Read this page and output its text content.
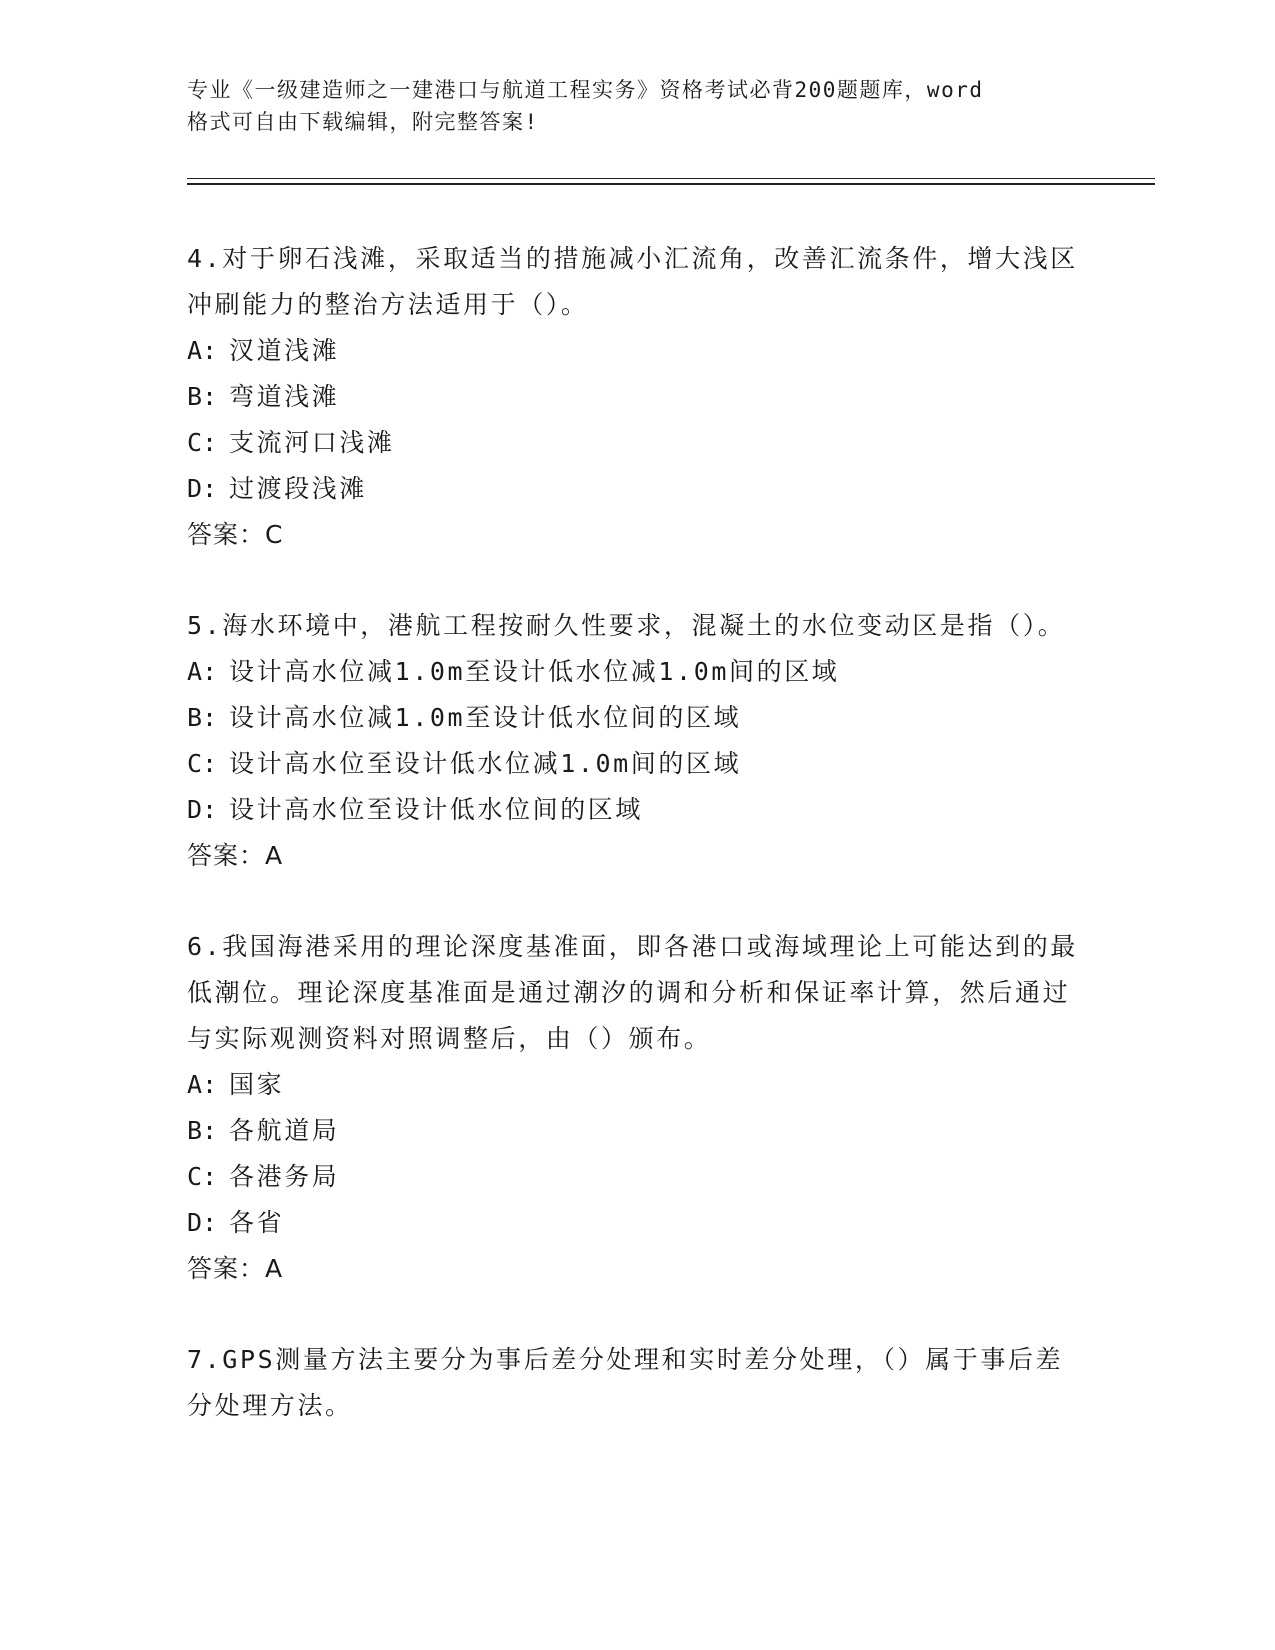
专业《一级建造师之一建港口与航道工程实务》资格考试必背200题题库，word

格式可自由下载编辑，附完整答案!

4.对于卵石浅滩，采取适当的措施减小汇流角，改善汇流条件，增大浅区冲刷能力的整治方法适用于（）。

A: 汊道浅滩

B: 弯道浅滩

C: 支流河口浅滩

D: 过渡段浅滩

答案：C

5.海水环境中，港航工程按耐久性要求，混凝土的水位变动区是指（）。

A: 设计高水位减1.0m至设计低水位减1.0m间的区域

B: 设计高水位减1.0m至设计低水位间的区域

C: 设计高水位至设计低水位减1.0m间的区域

D: 设计高水位至设计低水位间的区域

答案：A

6.我国海港采用的理论深度基准面，即各港口或海域理论上可能达到的最低潮位。理论深度基准面是通过潮汐的调和分析和保证率计算，然后通过与实际观测资料对照调整后，由（）颁布。

A: 国家

B: 各航道局

C: 各港务局

D: 各省

答案：A

7.GPS测量方法主要分为事后差分处理和实时差分处理，（）属于事后差分处理方法。
